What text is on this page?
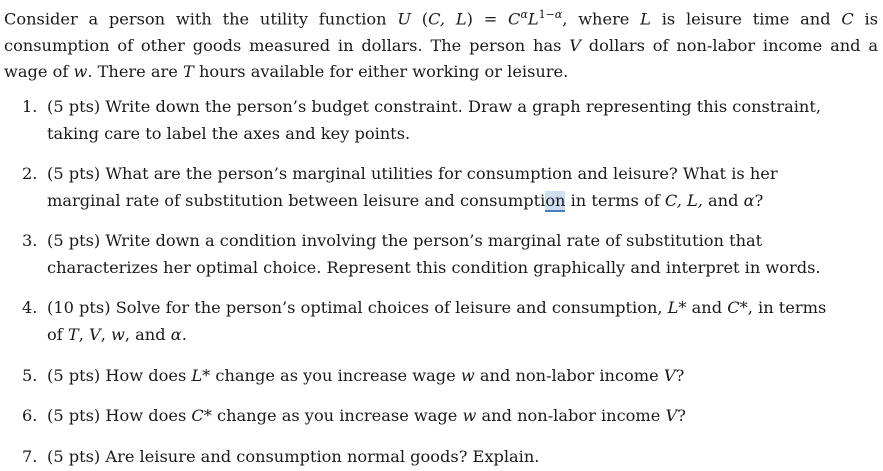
Consider a person with the utility function U (C, $L) = C^\alpha L^{1-\alpha}$, where L is leisure time and C is consumption of other goods measured in dollars. The person has V dollars of non-labor income and a wage of w. There are T hours available for either working or leisure.

1. (5 pts) Write down the person’s budget constraint. Draw a graph representing this constraint, taking care to label the axes and key points.
2. (5 pts) What are the person’s marginal utilities for consumption and leisure? What is her marginal rate of substitution between leisure and consumption in terms of C, L, and α?
3. (5 pts) Write down a condition involving the person’s marginal rate of substitution that characterizes her optimal choice. Represent this condition graphically and interpret in words.
4. (10 pts) Solve for the person’s optimal choices of leisure and consumption, L* and C*, in terms of T, V, w, and α.
5. (5 pts) How does L* change as you increase wage w and non-labor income V?
6. (5 pts) How does C* change as you increase wage w and non-labor income V?
7. (5 pts) Are leisure and consumption normal goods? Explain.
